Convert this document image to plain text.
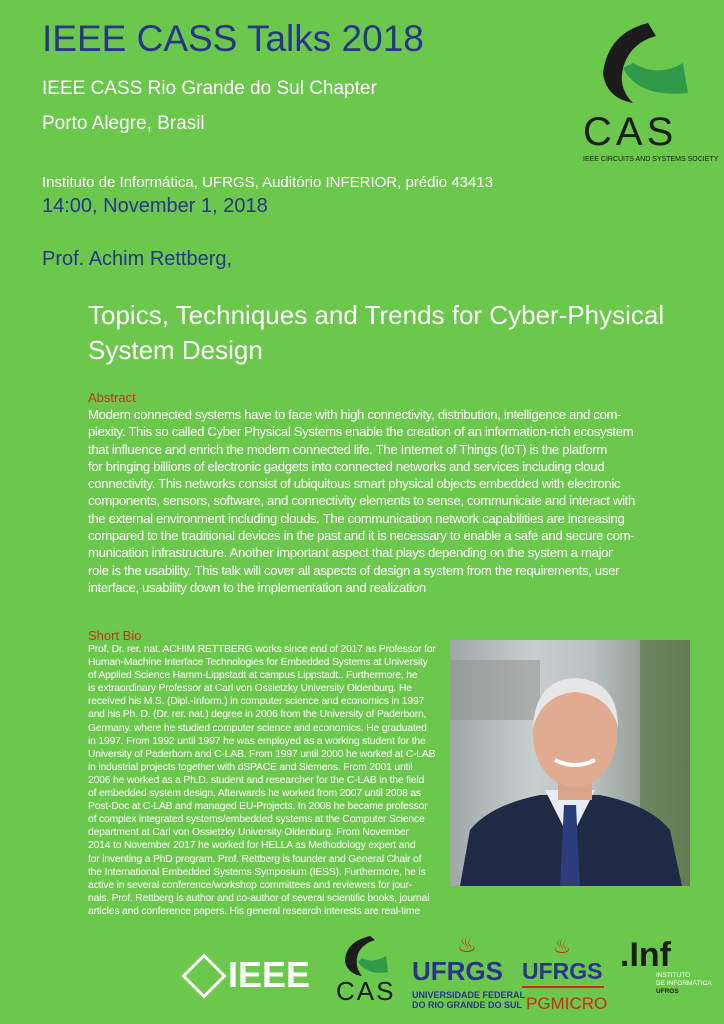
IEEE CASS Talks 2018
IEEE CASS Rio Grande do Sul Chapter
Porto Alegre, Brasil
Instituto de Informática, UFRGS, Auditório INFERIOR, prédio 43413
14:00, November 1, 2018
Prof. Achim Rettberg,
Topics, Techniques and Trends for Cyber-Physical
System Design
Abstract
Modern connected systems have to face with high connectivity, distribution, intelligence and com-
plexity. This so called Cyber Physical Systems enable the creation of an information-rich ecosystem
that influence and enrich the modern connected life. The Internet of Things (IoT) is the platform
for bringing billions of electronic gadgets into connected networks and services including cloud
connectivity. This networks consist of ubiquitous smart physical objects embedded with electronic
components, sensors, software, and connectivity elements to sense, communicate and interact with
the external environment including clouds. The communication network capabilities are increasing
compared to the traditional devices in the past and it is necessary to enable a safe and secure com-
munication infrastructure. Another important aspect that plays depending on the system a major
role is the usability. This talk will cover all aspects of design a system from the requirements, user
interface, usability down to the implementation and realization
Short Bio
Prof. Dr. rer. nat. ACHIM RETTBERG works since end of 2017 as Professor for
Human-Machine Interface Technologies for Embedded Systems at University
of Applied Science Hamm-Lippstadt at campus Lippstadt.. Furthermore, he
is extraordinary Professor at Carl von Ossietzky University Oldenburg. He
received his M.S. (Dipl.-Inform.) in computer science and economics in 1997
and his Ph. D. (Dr. rer. nat.) degree in 2006 from the University of Paderborn,
Germany. where he studied computer science and economics. He graduated
in 1997. From 1992 until 1997 he was employed as a working student for the
University of Paderborn and C-LAB. From 1997 until 2000 he worked at C-LAB
in industrial projects together with dSPACE and Siemens. From 2001 until
2006 he worked as a Ph.D. student and researcher for the C-LAB in the field
of embedded system design. Afterwards he worked from 2007 until 2008 as
Post-Doc at C-LAB and managed EU-Projects. In 2008 he became professor
of complex integrated systems/embedded systems at the Computer Science
department at Carl von Ossietzky University Oldenburg. From November
2014 to November 2017 he worked for HELLA as Methodology expert and
for inventing a PhD program. Prof. Rettberg is founder and General Chair of
the International Embedded Systems Symposium (IESS). Furthermore, he is
active in several conference/workshop committees and reviewers for jour-
nals. Prof. Rettberg is author and co-author of several scientific books, journal
articles and conference papers. His general research interests are real-time
CAS
IEEE CIRCUITS AND SYSTEMS SOCIETY
IEEE CAS
♨
UFRGS
UNIVERSIDADE FEDERAL
DO RIO GRANDE DO SUL
♨
UFRGS
PGMICRO
.Inf
INSTITUTO
DE INFORMÁTICA
UFRGS
